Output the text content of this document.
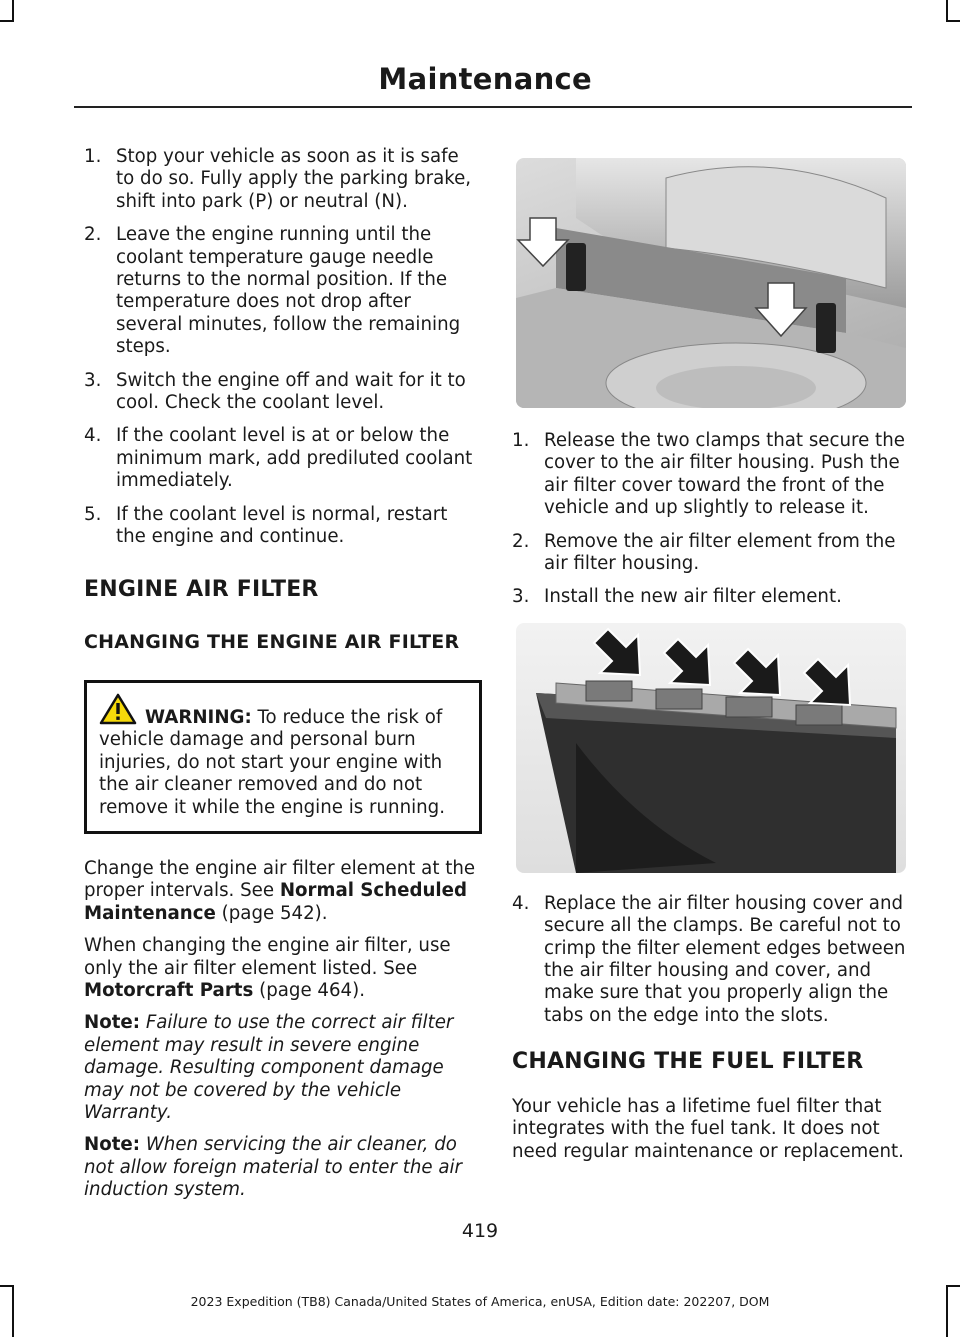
Maintenance
1. Stop your vehicle as soon as it is safe to do so. Fully apply the parking brake, shift into park (P) or neutral (N).
2. Leave the engine running until the coolant temperature gauge needle returns to the normal position. If the temperature does not drop after several minutes, follow the remaining steps.
3. Switch the engine off and wait for it to cool. Check the coolant level.
4. If the coolant level is at or below the minimum mark, add prediluted coolant immediately.
5. If the coolant level is normal, restart the engine and continue.
ENGINE AIR FILTER
CHANGING THE ENGINE AIR FILTER
WARNING: To reduce the risk of vehicle damage and personal burn injuries, do not start your engine with the air cleaner removed and do not remove it while the engine is running.

Change the engine air filter element at the proper intervals. See Normal Scheduled Maintenance (page 542).

When changing the engine air filter, use only the air filter element listed. See Motorcraft Parts (page 464).

Note: Failure to use the correct air filter element may result in severe engine damage. Resulting component damage may not be covered by the vehicle Warranty.

Note: When servicing the air cleaner, do not allow foreign material to enter the air induction system.

1. Release the two clamps that secure the cover to the air filter housing. Push the air filter cover toward the front of the vehicle and up slightly to release it.
2. Remove the air filter element from the air filter housing.
3. Install the new air filter element.
4. Replace the air filter housing cover and secure all the clamps. Be careful not to crimp the filter element edges between the air filter housing and cover, and make sure that you properly align the tabs on the edge into the slots.
CHANGING THE FUEL FILTER

Your vehicle has a lifetime fuel filter that integrates with the fuel tank. It does not need regular maintenance or replacement.

419
2023 Expedition (TB8) Canada/United States of America, enUSA, Edition date: 202207, DOM
